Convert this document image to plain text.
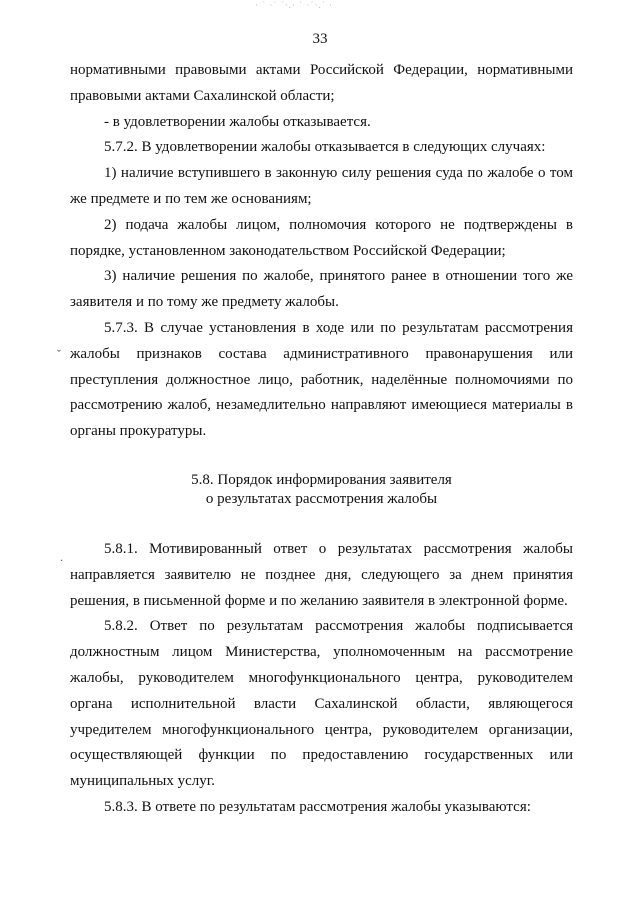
· ˙ ·˙ ˙·.· ˙ ·˙·.˙ ·
33
ˇ
.

нормативными правовыми актами Российской Федерации, нормативными правовыми актами Сахалинской области;

- в удовлетворении жалобы отказывается.

5.7.2. В удовлетворении жалобы отказывается в следующих случаях:

1) наличие вступившего в законную силу решения суда по жалобе о том же предмете и по тем же основаниям;

2) подача жалобы лицом, полномочия которого не подтверждены в порядке, установленном законодательством Российской Федерации;

3) наличие решения по жалобе, принятого ранее в отношении того же заявителя и по тому же предмету жалобы.

5.7.3. В случае установления в ходе или по результатам рассмотрения жалобы признаков состава административного правонарушения или преступления должностное лицо, работник, наделённые полномочиями по рассмотрению жалоб, незамедлительно направляют имеющиеся материалы в органы прокуратуры.

5.8. Порядок информирования заявителя
о результатах рассмотрения жалобы

5.8.1. Мотивированный ответ о результатах рассмотрения жалобы направляется заявителю не позднее дня, следующего за днем принятия решения, в письменной форме и по желанию заявителя в электронной форме.

5.8.2. Ответ по результатам рассмотрения жалобы подписывается должностным лицом Министерства, уполномоченным на рассмотрение жалобы, руководителем многофункционального центра, руководителем органа исполнительной власти Сахалинской области, являющегося учредителем многофункционального центра, руководителем организации, осуществляющей функции по предоставлению государственных или муниципальных услуг.

5.8.3. В ответе по результатам рассмотрения жалобы указываются:
